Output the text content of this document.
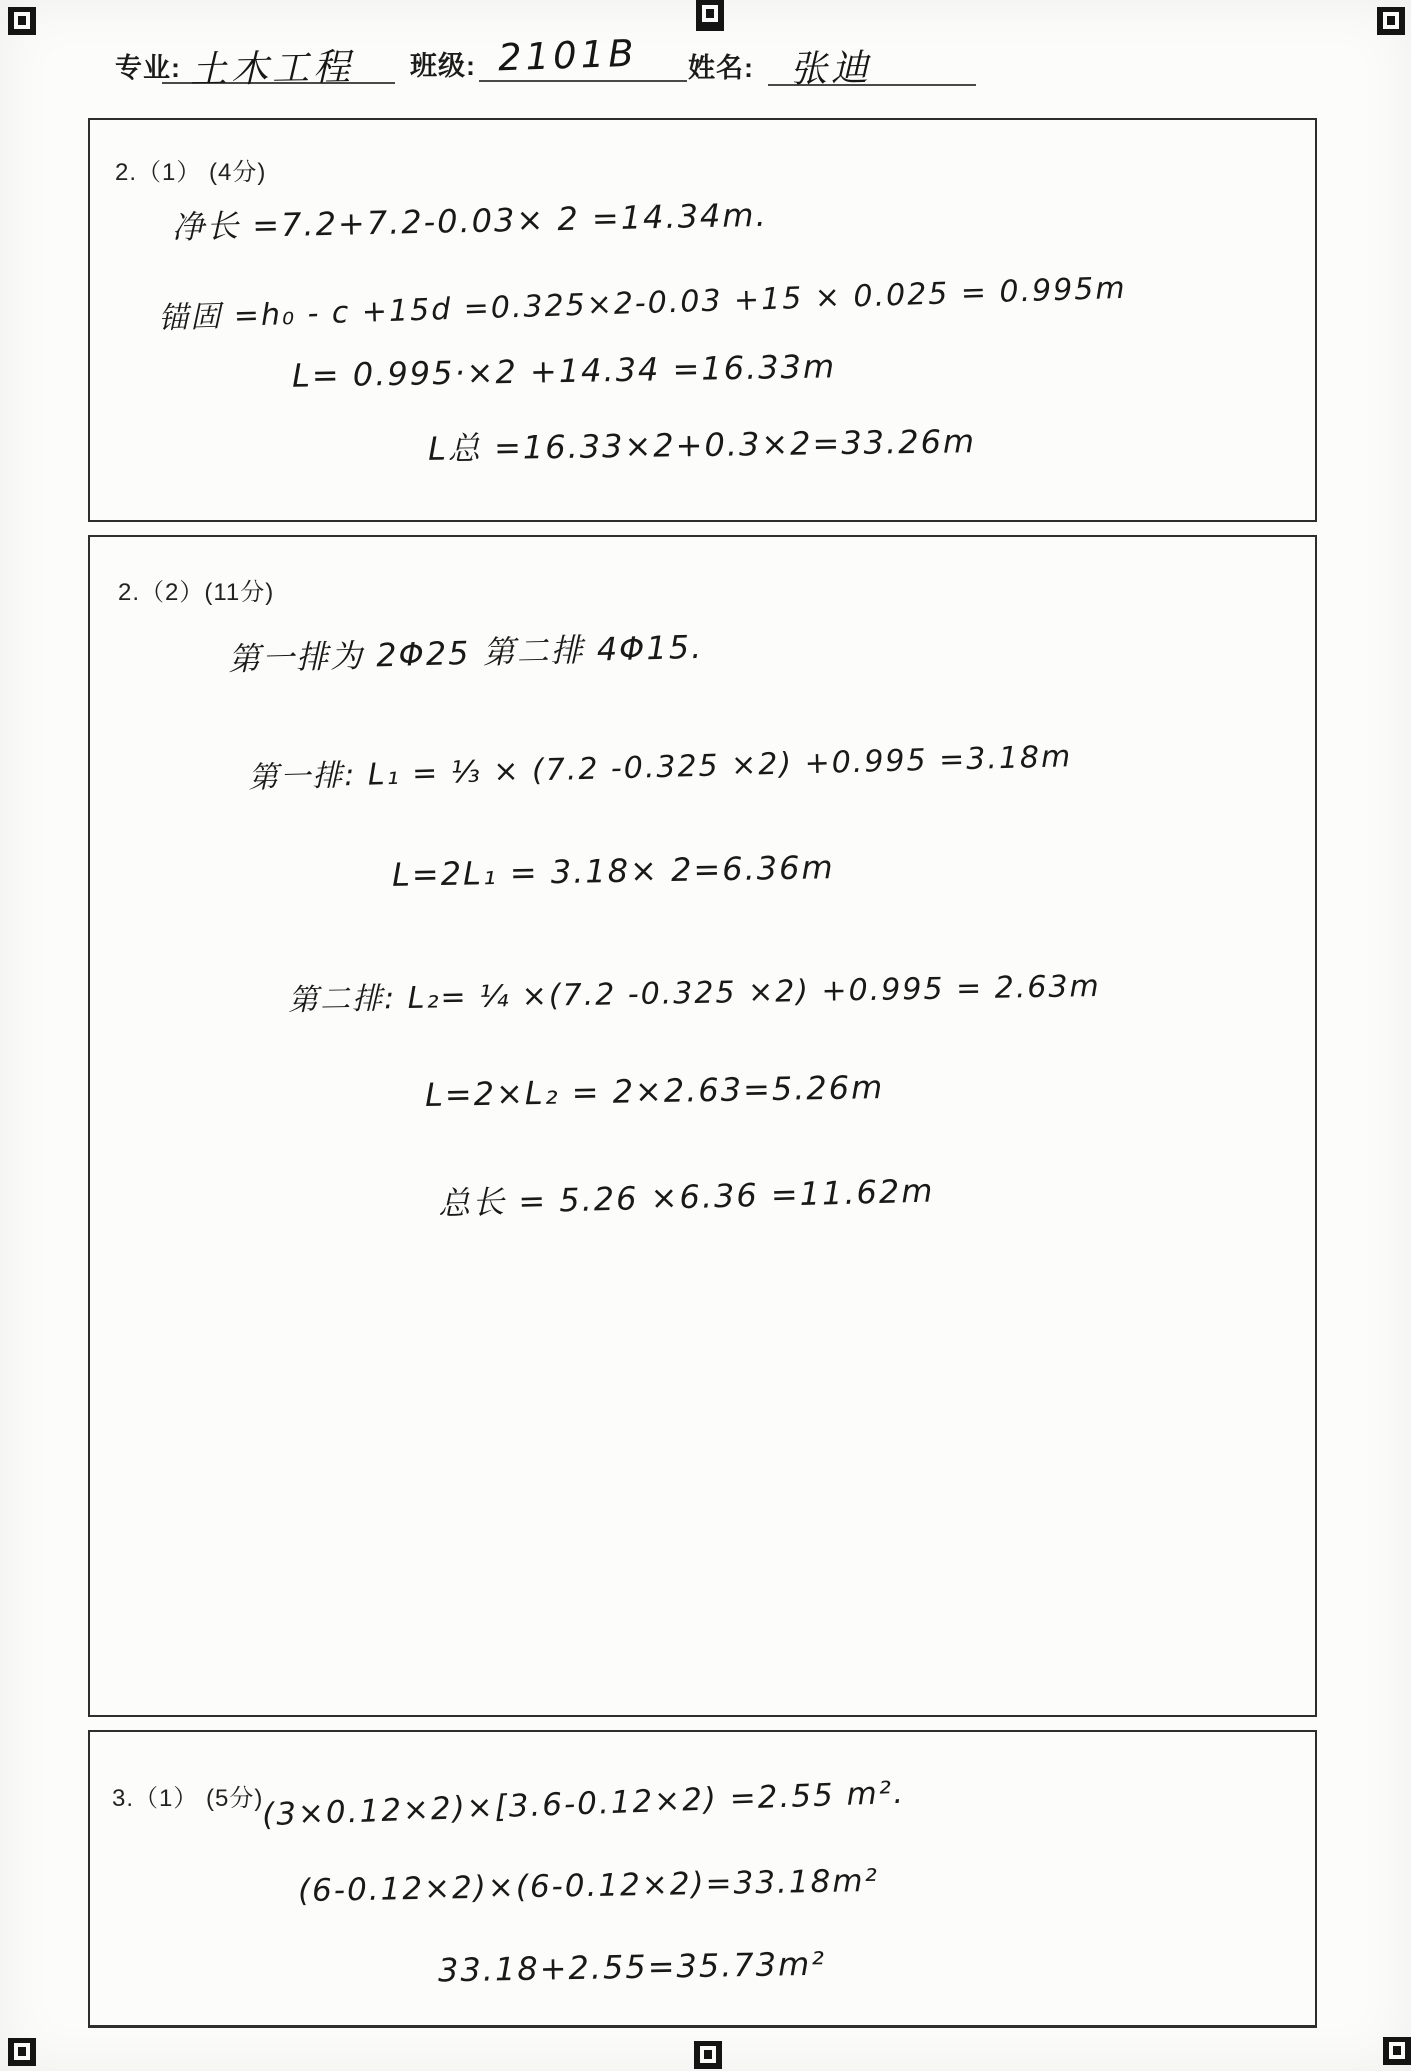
专业: 土木工程 班级: 2101B 姓名: 张迪
2.（1） (4分)
净长 =7.2+7.2-0.03× 2 =14.34m.
锚固 =h₀ - c +15d =0.325×2-0.03 +15 × 0.025 = 0.995m
L= 0.995·×2 +14.34 =16.33m
L总 =16.33×2+0.3×2=33.26m
2.（2）(11分)
第一排为 2Φ25 第二排 4Φ15.
第一排: L₁ = ⅓ × (7.2 -0.325 ×2) +0.995 =3.18m
L=2L₁ = 3.18× 2=6.36m
第二排: L₂= ¼ ×(7.2 -0.325 ×2) +0.995 = 2.63m
L=2×L₂ = 2×2.63=5.26m
总长 = 5.26 ×6.36 =11.62m
3.（1） (5分)
(3×0.12×2)×[3.6-0.12×2) =2.55 m².
(6-0.12×2)×(6-0.12×2)=33.18m²
33.18+2.55=35.73m²
